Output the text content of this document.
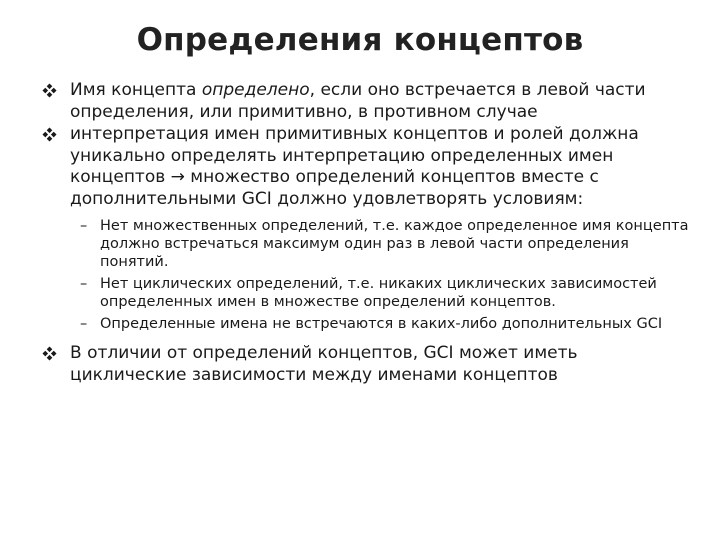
Определения концептов
Имя концепта определено, если оно встречается в левой части определения, или примитивно, в противном случае
интерпретация имен примитивных концептов и ролей должна уникально определять интерпретацию определенных имен концептов → множество определений концептов вместе с дополнительными GCI должно удовлетворять условиям:
– Нет множественных определений, т.е. каждое определенное имя концепта должно встречаться максимум один раз в левой части определения понятий.
– Нет циклических определений, т.е. никаких циклических зависимостей определенных имен в множестве определений концептов.
– Определенные имена не встречаются в каких-либо дополнительных GCI
В отличии от определений концептов, GCI может иметь циклические зависимости между именами концептов
